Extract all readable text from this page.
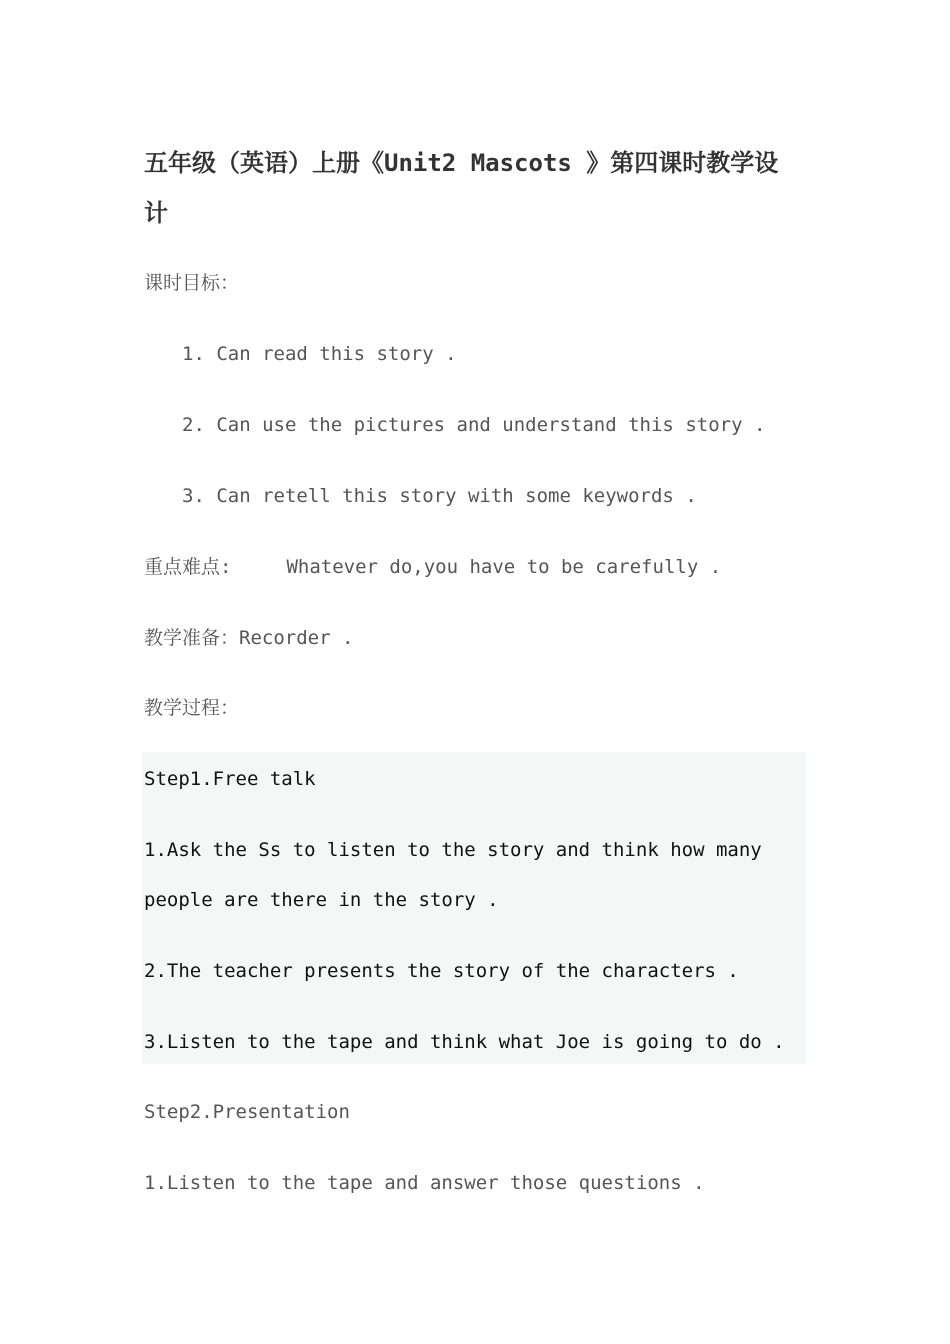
五年级（英语）上册《Unit2 Mascots 》第四课时教学设计

课时目标：

1. Can read this story .

2. Can use the pictures and understand this story .

3. Can retell this story with some keywords .

重点难点:	Whatever do,you have to be carefully .

教学准备：Recorder .

教学过程：

Step1.Free talk

1.Ask the Ss to listen to the story and think how many people are there in the story .

2.The teacher presents the story of the characters .

3.Listen to the tape and think what Joe is going to do .

Step2.Presentation

1.Listen to the tape and answer those questions .
